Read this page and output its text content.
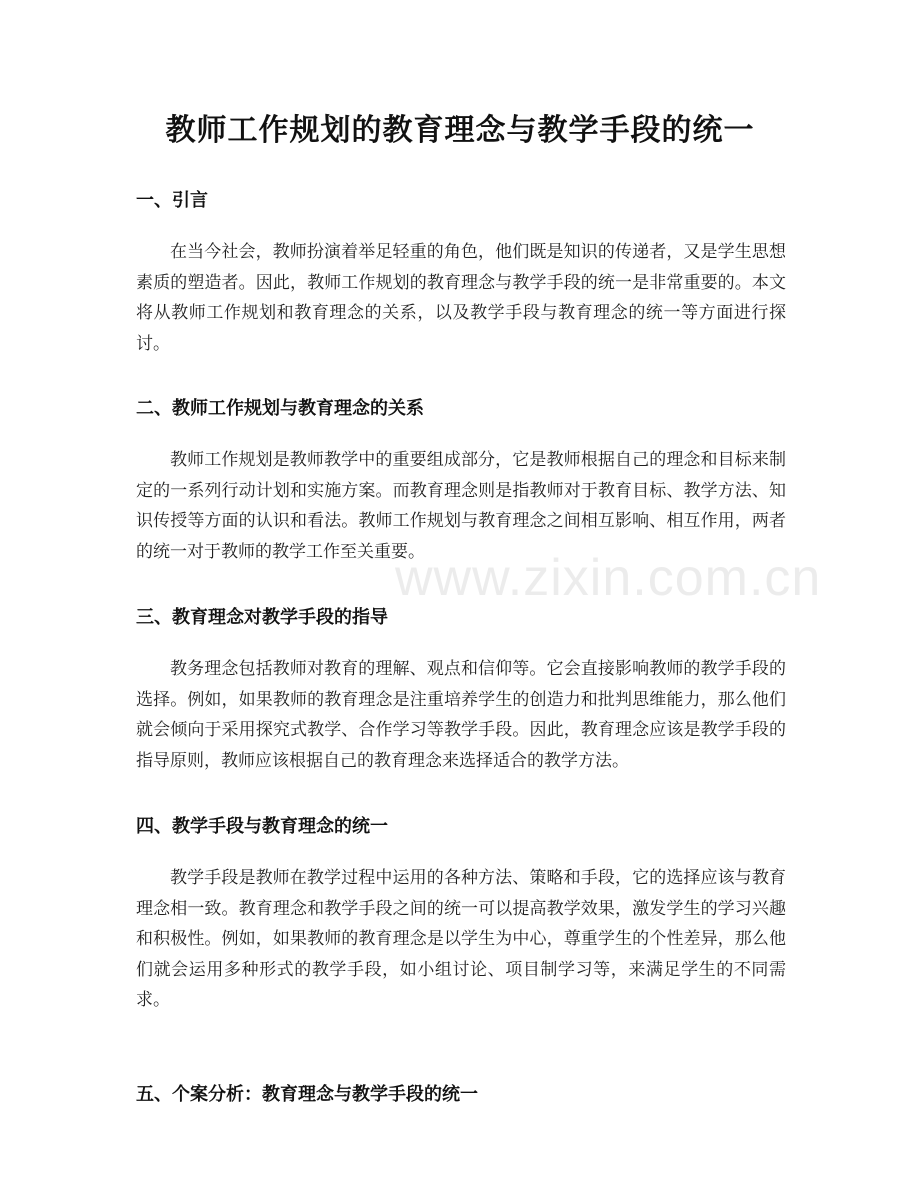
教师工作规划的教育理念与教学手段的统一
一、引言
在当今社会，教师扮演着举足轻重的角色，他们既是知识的传递者，又是学生思想素质的塑造者。因此，教师工作规划的教育理念与教学手段的统一是非常重要的。本文将从教师工作规划和教育理念的关系，以及教学手段与教育理念的统一等方面进行探讨。
二、教师工作规划与教育理念的关系
教师工作规划是教师教学中的重要组成部分，它是教师根据自己的理念和目标来制定的一系列行动计划和实施方案。而教育理念则是指教师对于教育目标、教学方法、知识传授等方面的认识和看法。教师工作规划与教育理念之间相互影响、相互作用，两者的统一对于教师的教学工作至关重要。
三、教育理念对教学手段的指导
教务理念包括教师对教育的理解、观点和信仰等。它会直接影响教师的教学手段的选择。例如，如果教师的教育理念是注重培养学生的创造力和批判思维能力，那么他们就会倾向于采用探究式教学、合作学习等教学手段。因此，教育理念应该是教学手段的指导原则，教师应该根据自己的教育理念来选择适合的教学方法。
四、教学手段与教育理念的统一
教学手段是教师在教学过程中运用的各种方法、策略和手段，它的选择应该与教育理念相一致。教育理念和教学手段之间的统一可以提高教学效果，激发学生的学习兴趣和积极性。例如，如果教师的教育理念是以学生为中心，尊重学生的个性差异，那么他们就会运用多种形式的教学手段，如小组讨论、项目制学习等，来满足学生的不同需求。
五、个案分析：教育理念与教学手段的统一
www.zixin.com.cn
